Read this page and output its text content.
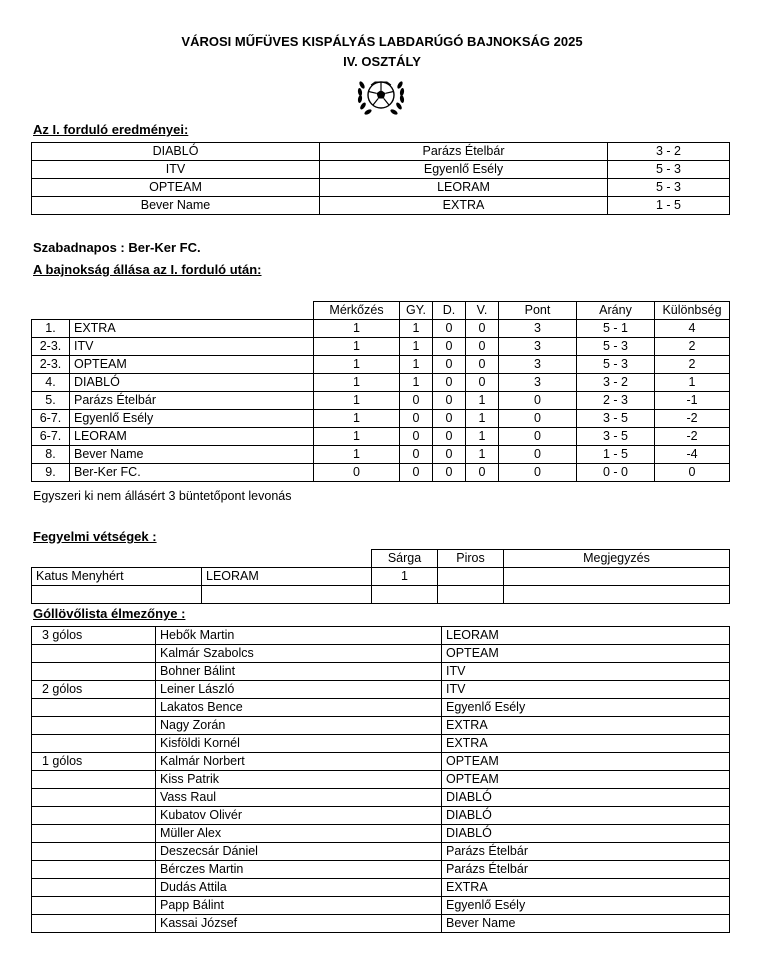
VÁROSI MŰFÜVES KISPÁLYÁS LABDARÚGÓ BAJNOKSÁG 2025
IV. OSZTÁLY
Az I. forduló eredményei:
DIABLÓ	Parázs Ételbár	3 - 2
ITV	Egyenlő Esély	5 - 3
OPTEAM	LEORAM	5 - 3
Bever Name	EXTRA	1 - 5
Szabadnapos : Ber-Ker FC.
A bajnokság állása az I. forduló után:
		Mérkőzés	GY.	D.	V.	Pont	Arány	Különbség
1.	EXTRA	1	1	0	0	3	5 - 1	4
2-3.	ITV	1	1	0	0	3	5 - 3	2
2-3.	OPTEAM	1	1	0	0	3	5 - 3	2
4.	DIABLÓ	1	1	0	0	3	3 - 2	1
5.	Parázs Ételbár	1	0	0	1	0	2 - 3	-1
6-7.	Egyenlő Esély	1	0	0	1	0	3 - 5	-2
6-7.	LEORAM	1	0	0	1	0	3 - 5	-2
8.	Bever Name	1	0	0	1	0	1 - 5	-4
9.	Ber-Ker FC.	0	0	0	0	0	0 - 0	0
Egyszeri ki nem állásért 3 büntetőpont levonás
Fegyelmi vétségek :
		Sárga	Piros	Megjegyzés
Katus Menyhért	LEORAM	1		

Góllövőlista élmezőnye :
3 gólos	Hebők Martin	LEORAM
	Kalmár Szabolcs	OPTEAM
	Bohner Bálint	ITV
2 gólos	Leiner László	ITV
	Lakatos Bence	Egyenlő Esély
	Nagy Zorán	EXTRA
	Kisföldi Kornél	EXTRA
1 gólos	Kalmár Norbert	OPTEAM
	Kiss Patrik	OPTEAM
	Vass Raul	DIABLÓ
	Kubatov Olivér	DIABLÓ
	Müller Alex	DIABLÓ
	Deszecsár Dániel	Parázs Ételbár
	Bérczes Martin	Parázs Ételbár
	Dudás Attila	EXTRA
	Papp Bálint	Egyenlő Esély
	Kassai József	Bever Name
